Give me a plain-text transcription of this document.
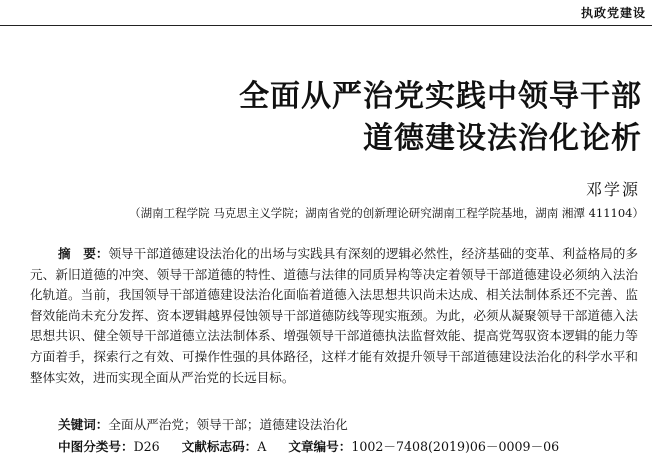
执政党建设
全面从严治党实践中领导干部
道德建设法治化论析
邓学源
（湖南工程学院 马克思主义学院；湖南省党的创新理论研究湖南工程学院基地，湖南 湘潭 411104）
摘　要：领导干部道德建设法治化的出场与实践具有深刻的逻辑必然性，经济基础的变革、利益格局的多元、新旧道德的冲突、领导干部道德的特性、道德与法律的同质异构等决定着领导干部道德建设必须纳入法治化轨道。当前，我国领导干部道德建设法治化面临着道德入法思想共识尚未达成、相关法制体系还不完善、监督效能尚未充分发挥、资本逻辑越界侵蚀领导干部道德防线等现实瓶颈。为此，必须从凝聚领导干部道德入法思想共识、健全领导干部道德立法法制体系、增强领导干部道德执法监督效能、提高党驾驭资本逻辑的能力等方面着手，探索行之有效、可操作性强的具体路径，这样才能有效提升领导干部道德建设法治化的科学水平和整体实效，进而实现全面从严治党的长远目标。
关键词：全面从严治党；领导干部；道德建设法治化
中图分类号：D26 文献标志码：A 文章编号：1002－7408(2019)06－0009－06
